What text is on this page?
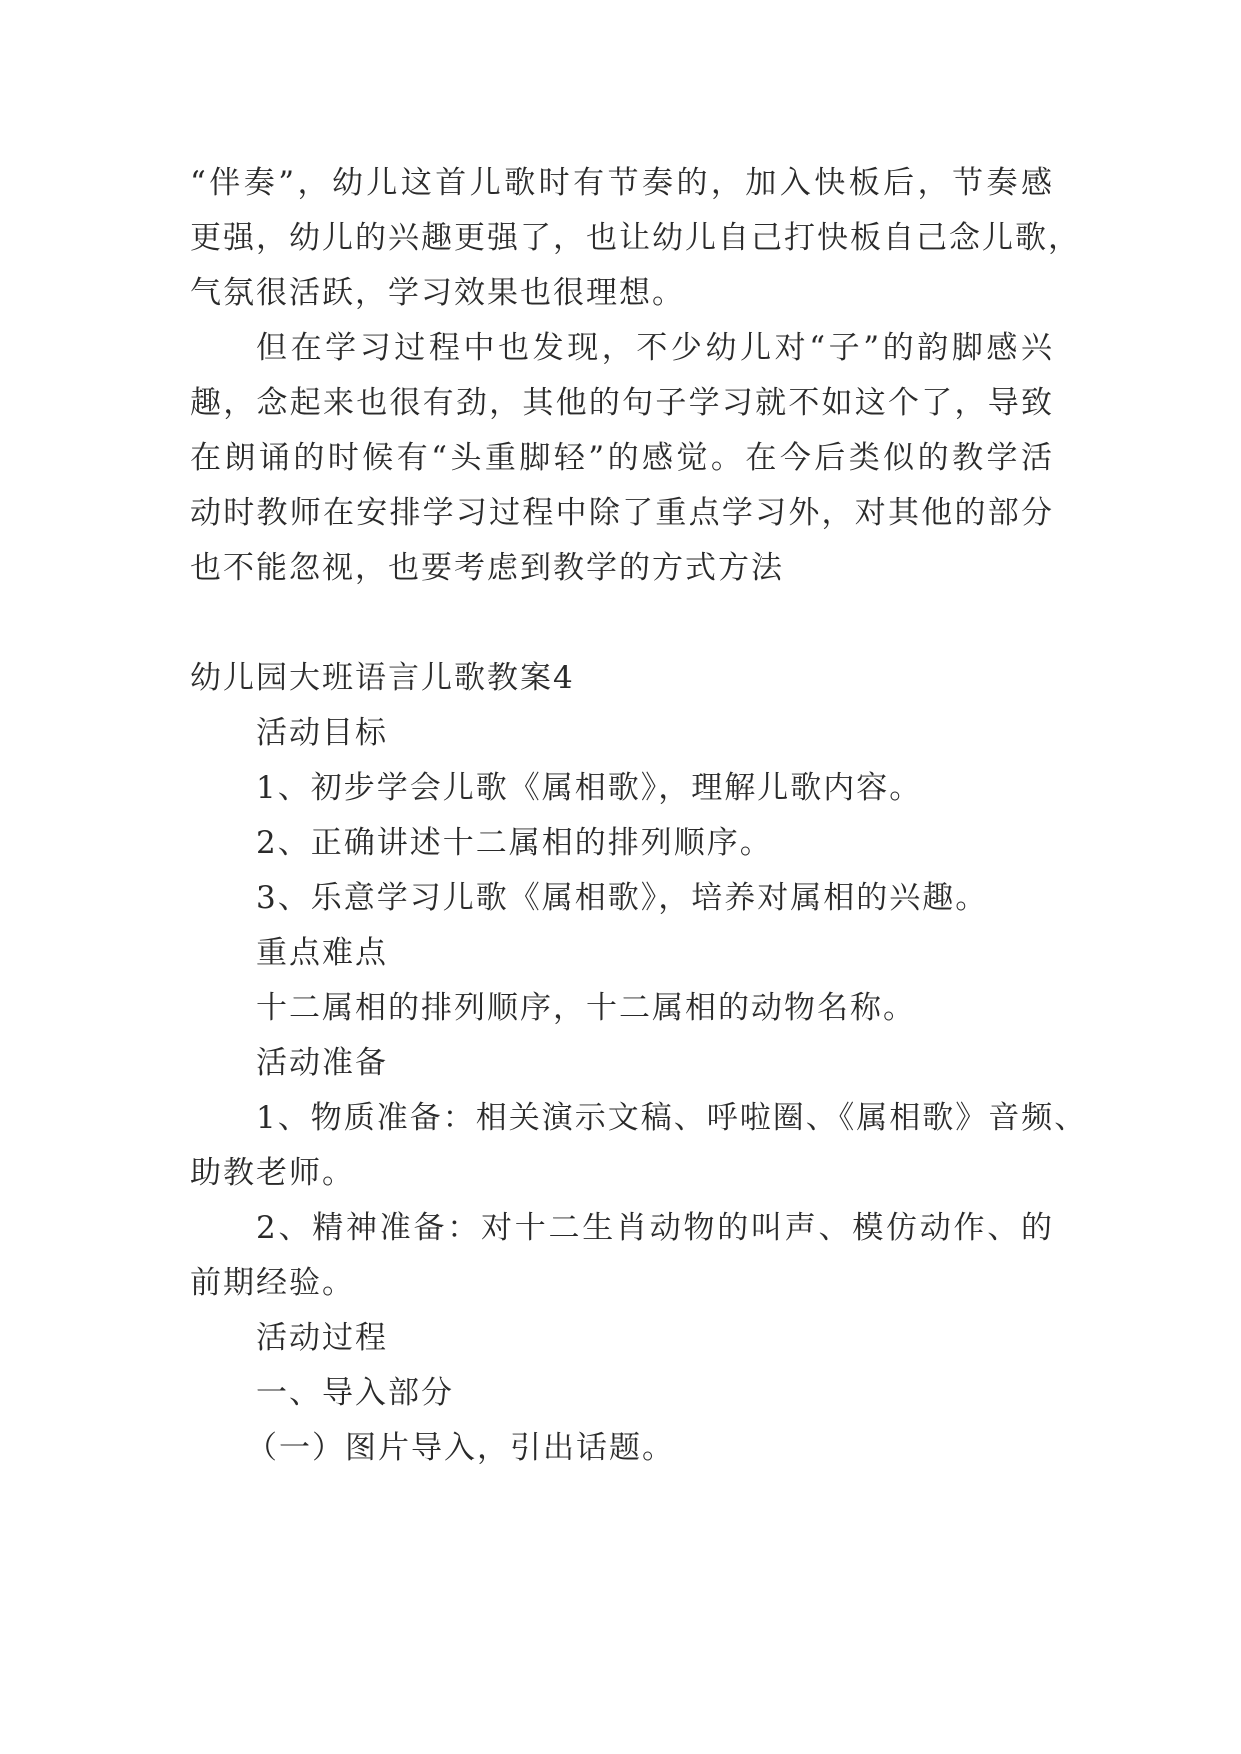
“伴奏”，幼儿这首儿歌时有节奏的，加入快板后，节奏感
更强，幼儿的兴趣更强了，也让幼儿自己打快板自己念儿歌，
气氛很活跃，学习效果也很理想。
但在学习过程中也发现，不少幼儿对“子”的韵脚感兴
趣，念起来也很有劲，其他的句子学习就不如这个了，导致
在朗诵的时候有“头重脚轻”的感觉。在今后类似的教学活
动时教师在安排学习过程中除了重点学习外，对其他的部分
也不能忽视，也要考虑到教学的方式方法
幼儿园大班语言儿歌教案4
活动目标
1、初步学会儿歌《属相歌》，理解儿歌内容。
2、正确讲述十二属相的排列顺序。
3、乐意学习儿歌《属相歌》，培养对属相的兴趣。
重点难点
十二属相的排列顺序，十二属相的动物名称。
活动准备
1、物质准备：相关演示文稿、呼啦圈、《属相歌》音频、
助教老师。
2、精神准备：对十二生肖动物的叫声、模仿动作、的
前期经验。
活动过程
一、导入部分
（一）图片导入，引出话题。
